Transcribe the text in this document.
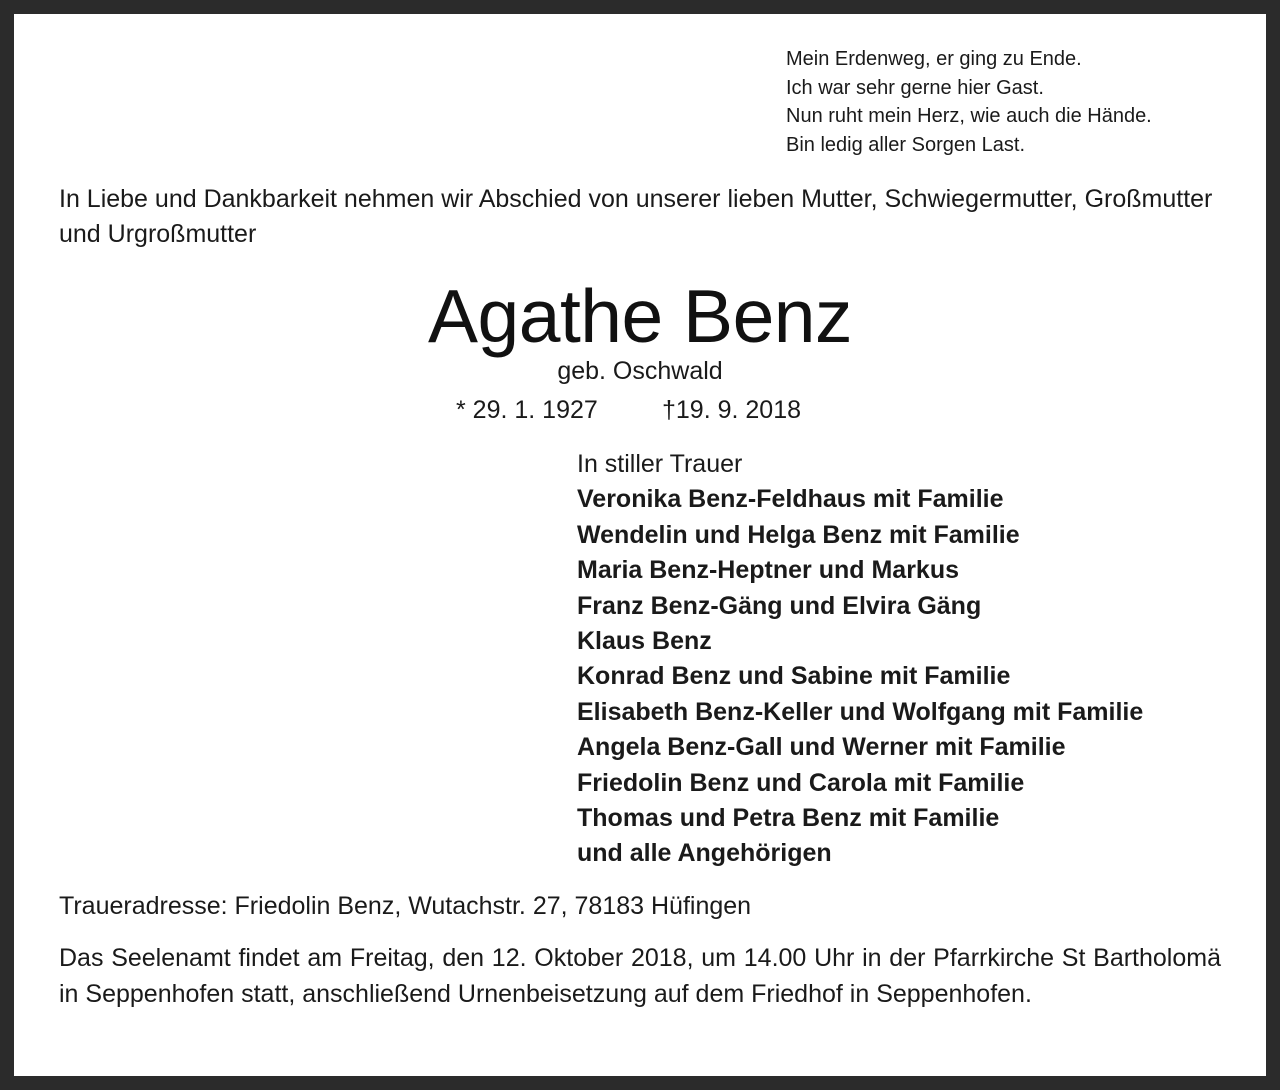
Mein Erdenweg, er ging zu Ende.
Ich war sehr gerne hier Gast.
Nun ruht mein Herz, wie auch die Hände.
Bin ledig aller Sorgen Last.
In Liebe und Dankbarkeit nehmen wir Abschied von unserer lieben Mutter, Schwiegermutter, Großmutter und Urgroßmutter
Agathe Benz
geb. Oschwald
* 29. 1. 1927	†19. 9. 2018
In stiller Trauer
Veronika Benz-Feldhaus mit Familie
Wendelin und Helga Benz mit Familie
Maria Benz-Heptner und Markus
Franz Benz-Gäng und Elvira Gäng
Klaus Benz
Konrad Benz und Sabine mit Familie
Elisabeth Benz-Keller und Wolfgang mit Familie
Angela Benz-Gall und Werner mit Familie
Friedolin Benz und Carola mit Familie
Thomas und Petra Benz mit Familie
und alle Angehörigen
Traueradresse: Friedolin Benz, Wutachstr. 27, 78183 Hüfingen
Das Seelenamt findet am Freitag, den 12. Oktober 2018, um 14.00 Uhr in der Pfarrkirche St Bartholomä in Seppenhofen statt, anschließend Urnenbeisetzung auf dem Friedhof in Seppenhofen.
